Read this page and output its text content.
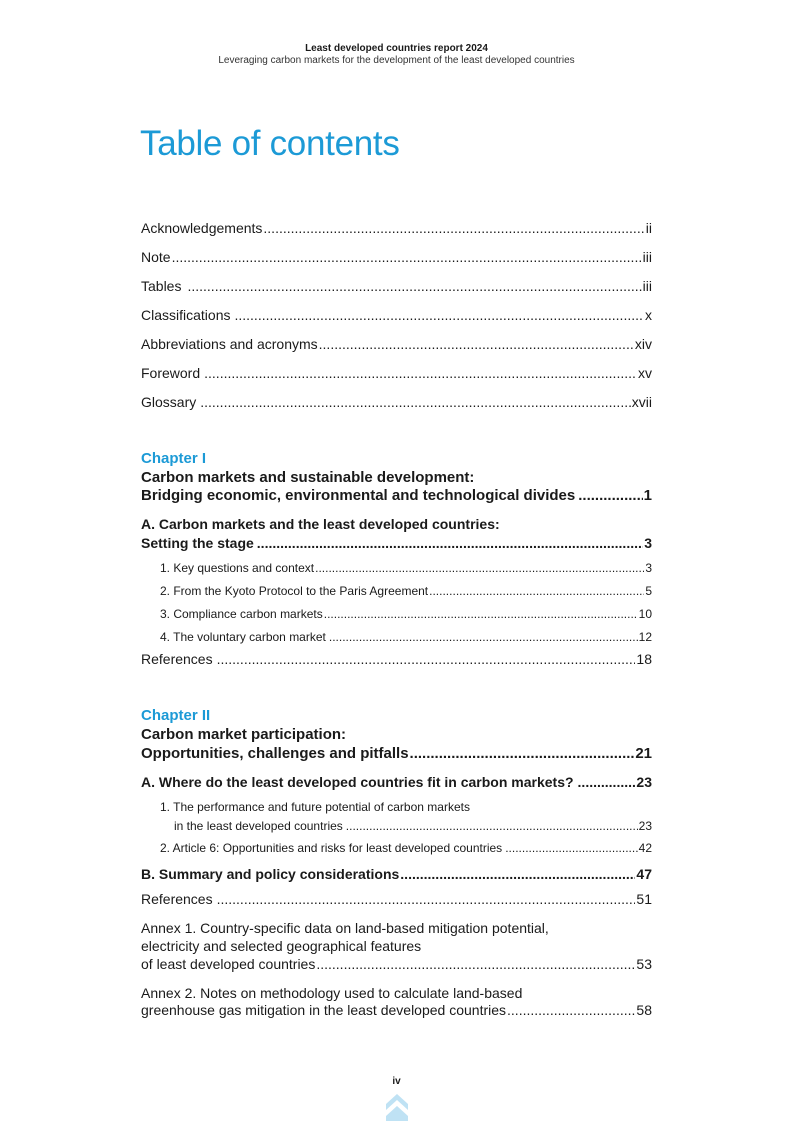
Least developed countries report 2024
Leveraging carbon markets for the development of the least developed countries
Table of contents
Acknowledgements .....	ii
Note .....	iii
Tables .....	iii
Classifications .....	x
Abbreviations and acronyms .....	xiv
Foreword .....	xv
Glossary .....	xvii
Chapter I
Carbon markets and sustainable development:
Bridging economic, environmental and technological divides .....	1
A. Carbon markets and the least developed countries:
Setting the stage .....	3
1. Key questions and context .....	3
2. From the Kyoto Protocol to the Paris Agreement .....	5
3. Compliance carbon markets .....	10
4. The voluntary carbon market .....	12
References .....	18
Chapter II
Carbon market participation:
Opportunities, challenges and pitfalls .....	21
A. Where do the least developed countries fit in carbon markets? .....	23
1. The performance and future potential of carbon markets
in the least developed countries .....	23
2. Article 6: Opportunities and risks for least developed countries .....	42
B. Summary and policy considerations .....	47
References .....	51
Annex 1. Country-specific data on land-based mitigation potential,
electricity and selected geographical features
of least developed countries .....	53
Annex 2. Notes on methodology used to calculate land-based
greenhouse gas mitigation in the least developed countries .....	58
iv
